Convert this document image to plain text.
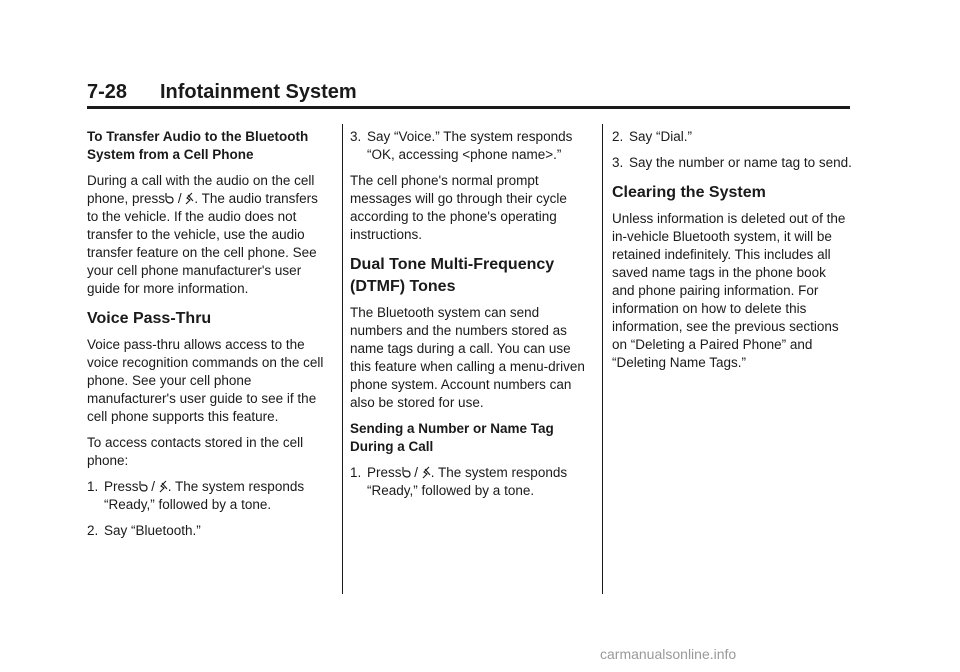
7-28 Infotainment System

To Transfer Audio to the Bluetooth System from a Cell Phone

During a call with the audio on the cell phone, press
/
. The audio transfers to the vehicle. If the audio does not transfer to the vehicle, use the audio transfer feature on the cell phone. See your cell phone manufacturer's user guide for more information.

Voice Pass-Thru

Voice pass-thru allows access to the voice recognition commands on the cell phone. See your cell phone manufacturer's user guide to see if the cell phone supports this feature.

To access contacts stored in the cell phone:

1. Press
/
. The system responds “Ready,” followed by a tone.
2. Say “Bluetooth.”
3. Say “Voice.” The system responds “OK, accessing <phone name>.”

The cell phone's normal prompt messages will go through their cycle according to the phone's operating instructions.

Dual Tone Multi-Frequency (DTMF) Tones

The Bluetooth system can send numbers and the numbers stored as name tags during a call. You can use this feature when calling a menu-driven phone system. Account numbers can also be stored for use.

Sending a Number or Name Tag During a Call

1. Press
/
. The system responds “Ready,” followed by a tone.
2. Say “Dial.”
3. Say the number or name tag to send.
Clearing the System

Unless information is deleted out of the in-vehicle Bluetooth system, it will be retained indefinitely. This includes all saved name tags in the phone book and phone pairing information. For information on how to delete this information, see the previous sections on “Deleting a Paired Phone” and “Deleting Name Tags.”

carmanualsonline.info
